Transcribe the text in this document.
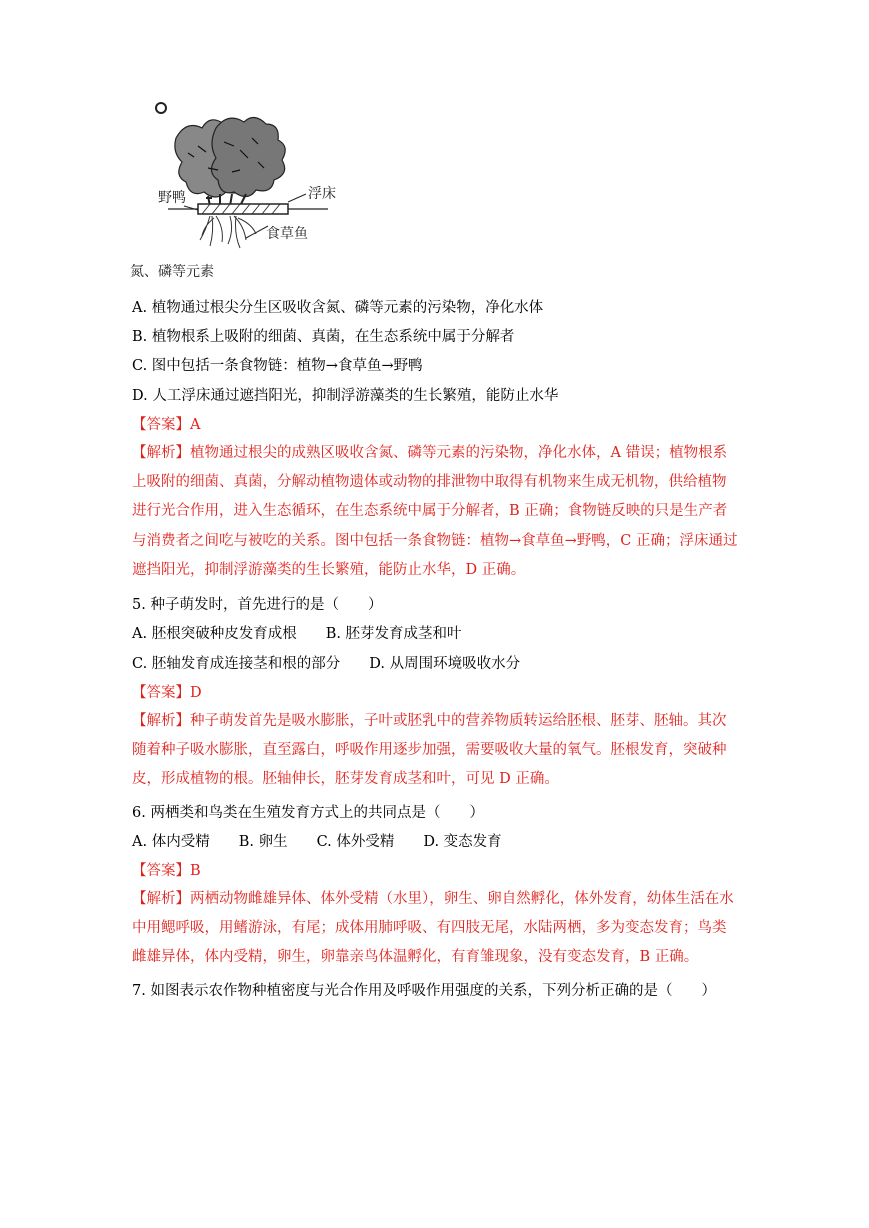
野鸭	浮床
食草鱼
氮、磷等元素
A. 植物通过根尖分生区吸收含氮、磷等元素的污染物，净化水体
B. 植物根系上吸附的细菌、真菌，在生态系统中属于分解者
C. 图中包括一条食物链：植物→食草鱼→野鸭
D. 人工浮床通过遮挡阳光，抑制浮游藻类的生长繁殖，能防止水华
【答案】A
【解析】植物通过根尖的成熟区吸收含氮、磷等元素的污染物，净化水体，A 错误；植物根系上吸附的细菌、真菌，分解动植物遗体或动物的排泄物中取得有机物来生成无机物，供给植物进行光合作用，进入生态循环，在生态系统中属于分解者，B 正确；食物链反映的只是生产者与消费者之间吃与被吃的关系。图中包括一条食物链：植物→食草鱼→野鸭，C 正确；浮床通过遮挡阳光，抑制浮游藻类的生长繁殖，能防止水华，D 正确。
5. 种子萌发时，首先进行的是（　　）
A. 胚根突破种皮发育成根　　B. 胚芽发育成茎和叶
C. 胚轴发育成连接茎和根的部分　　D. 从周围环境吸收水分
【答案】D
【解析】种子萌发首先是吸水膨胀，子叶或胚乳中的营养物质转运给胚根、胚芽、胚轴。其次随着种子吸水膨胀，直至露白，呼吸作用逐步加强，需要吸收大量的氧气。胚根发育，突破种皮，形成植物的根。胚轴伸长，胚芽发育成茎和叶，可见 D 正确。
6. 两栖类和鸟类在生殖发育方式上的共同点是（　　）
A. 体内受精　　B. 卵生　　C. 体外受精　　D. 变态发育
【答案】B
【解析】两栖动物雌雄异体、体外受精（水里），卵生、卵自然孵化，体外发育，幼体生活在水中用鳃呼吸，用鳍游泳，有尾；成体用肺呼吸、有四肢无尾，水陆两栖，多为变态发育；鸟类雌雄异体，体内受精，卵生，卵靠亲鸟体温孵化，有育雏现象，没有变态发育，B 正确。
7. 如图表示农作物种植密度与光合作用及呼吸作用强度的关系，下列分析正确的是（　　）
